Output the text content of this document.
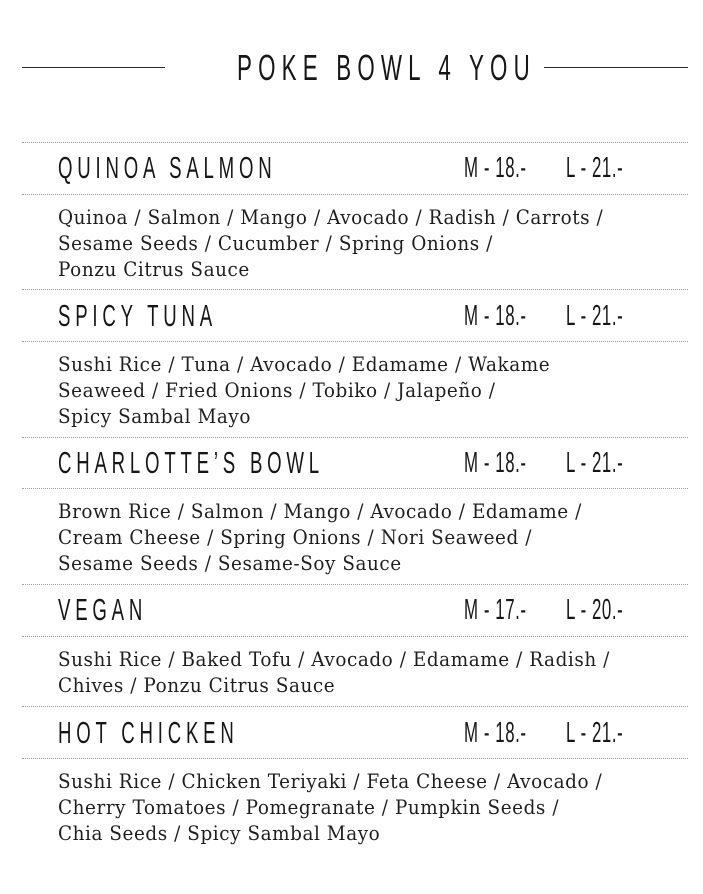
POKE BOWL 4 YOU
QUINOA SALMON	M - 18.- L - 21.-
Quinoa / Salmon / Mango / Avocado / Radish / Carrots /
Sesame Seeds / Cucumber / Spring Onions /
Ponzu Citrus Sauce
SPICY TUNA	M - 18.- L - 21.-
Sushi Rice / Tuna / Avocado / Edamame / Wakame
Seaweed / Fried Onions / Tobiko / Jalapeño /
Spicy Sambal Mayo
CHARLOTTE’S BOWL	M - 18.- L - 21.-
Brown Rice / Salmon / Mango / Avocado / Edamame /
Cream Cheese / Spring Onions / Nori Seaweed /
Sesame Seeds / Sesame-Soy Sauce
VEGAN	M - 17.- L - 20.-
Sushi Rice / Baked Tofu / Avocado / Edamame / Radish /
Chives / Ponzu Citrus Sauce
HOT CHICKEN	M - 18.- L - 21.-
Sushi Rice / Chicken Teriyaki / Feta Cheese / Avocado /
Cherry Tomatoes / Pomegranate / Pumpkin Seeds /
Chia Seeds / Spicy Sambal Mayo
